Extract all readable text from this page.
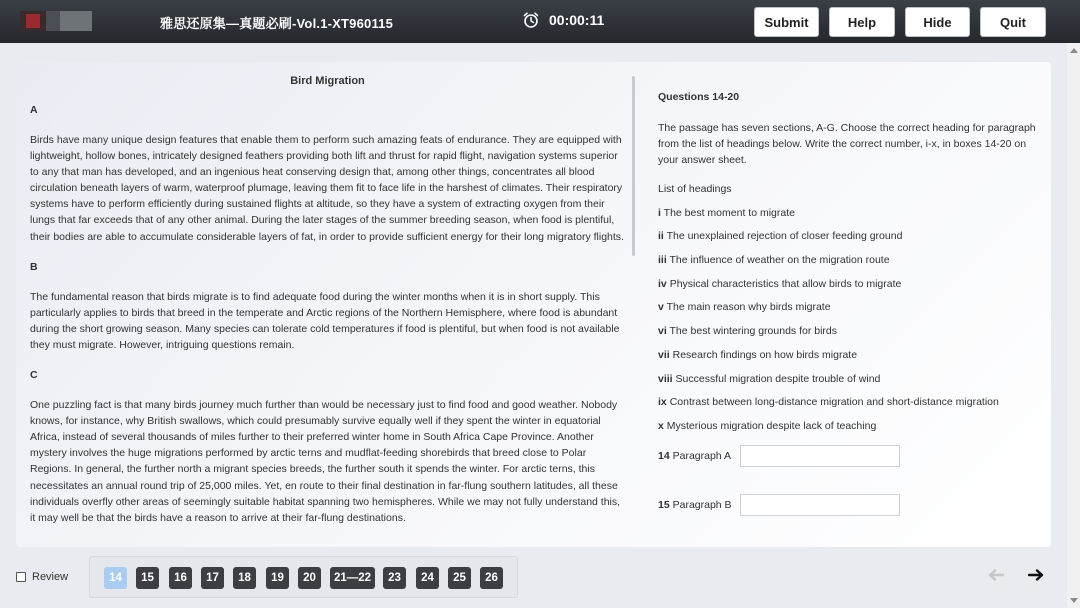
雅思还原集—真题必刷-Vol.1-XT960115	00:00:11	Submit	Help	Hide	Quit
Bird Migration
A

Birds have many unique design features that enable them to perform such amazing feats of endurance. They are equipped with lightweight, hollow bones, intricately designed feathers providing both lift and thrust for rapid flight, navigation systems superior to any that man has developed, and an ingenious heat conserving design that, among other things, concentrates all blood circulation beneath layers of warm, waterproof plumage, leaving them fit to face life in the harshest of climates. Their respiratory systems have to perform efficiently during sustained flights at altitude, so they have a system of extracting oxygen from their lungs that far exceeds that of any other animal. During the later stages of the summer breeding season, when food is plentiful, their bodies are able to accumulate considerable layers of fat, in order to provide sufficient energy for their long migratory flights.

B

The fundamental reason that birds migrate is to find adequate food during the winter months when it is in short supply. This particularly applies to birds that breed in the temperate and Arctic regions of the Northern Hemisphere, where food is abundant during the short growing season. Many species can tolerate cold temperatures if food is plentiful, but when food is not available they must migrate. However, intriguing questions remain.

C

One puzzling fact is that many birds journey much further than would be necessary just to find food and good weather. Nobody knows, for instance, why British swallows, which could presumably survive equally well if they spent the winter in equatorial Africa, instead of several thousands of miles further to their preferred winter home in South Africa Cape Province. Another mystery involves the huge migrations performed by arctic terns and mudflat-feeding shorebirds that breed close to Polar Regions. In general, the further north a migrant species breeds, the further south it spends the winter. For arctic terns, this necessitates an annual round trip of 25,000 miles. Yet, en route to their final destination in far-flung southern latitudes, all these individuals overfly other areas of seemingly suitable habitat spanning two hemispheres. While we may not fully understand this, it may well be that the birds have a reason to arrive at their far-flung destinations.

Questions 14-20
The passage has seven sections, A-G. Choose the correct heading for paragraph from the list of headings below. Write the correct number, i-x, in boxes 14-20 on your answer sheet.
List of headings
i The best moment to migrate
ii The unexplained rejection of closer feeding ground
iii The influence of weather on the migration route
iv Physical characteristics that allow birds to migrate
v The main reason why birds migrate
vi The best wintering grounds for birds
vii Research findings on how birds migrate
viii Successful migration despite trouble of wind
ix Contrast between long-distance migration and short-distance migration
x Mysterious migration despite lack of teaching
14 Paragraph A
15 Paragraph B
Review	14	15	16	17	18	19	20	21—22	23	24	25	26
